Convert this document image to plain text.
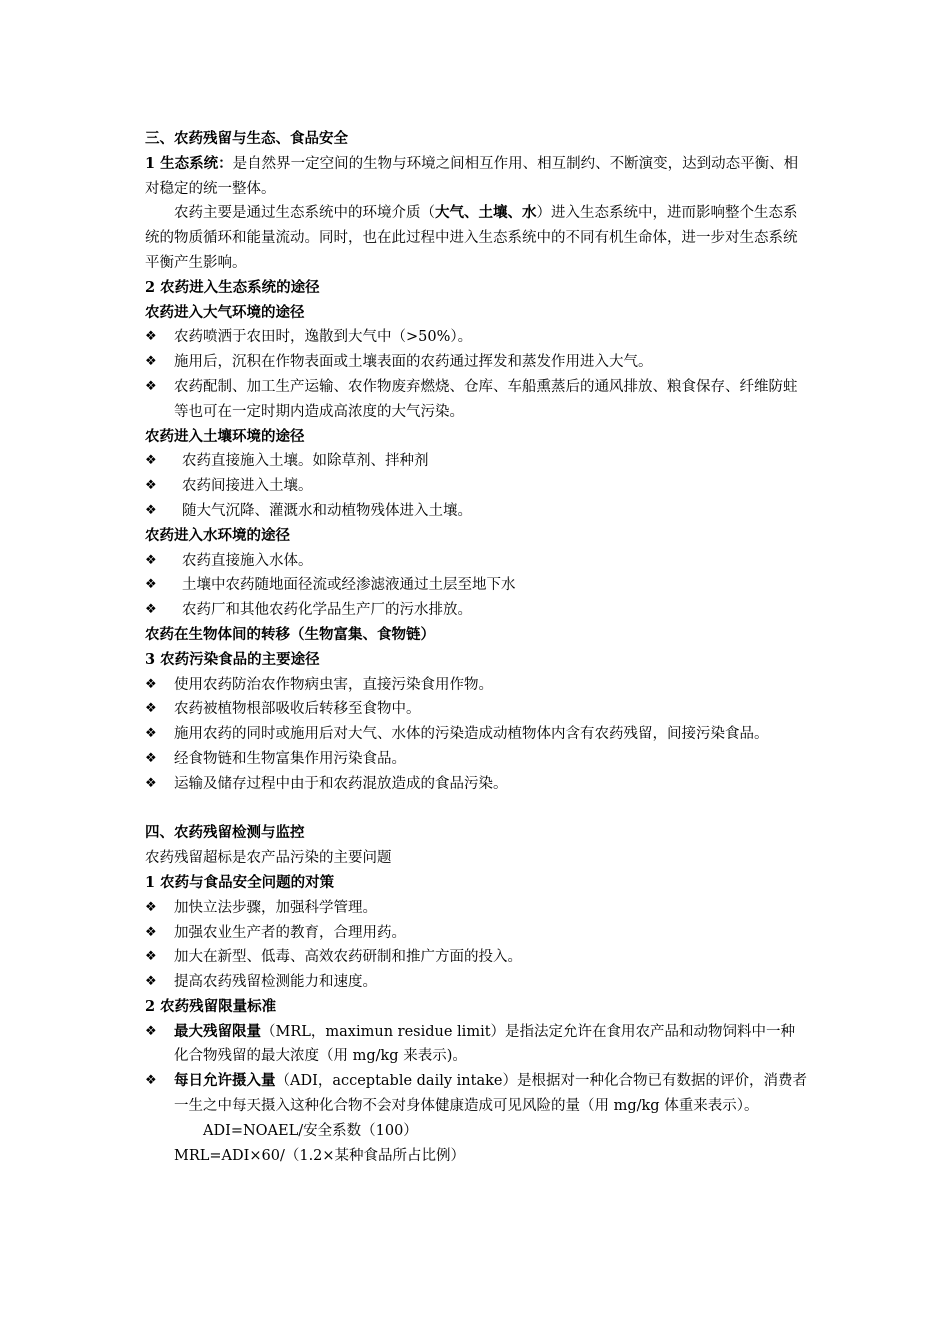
三、农药残留与生态、食品安全

1 生态系统：是自然界一定空间的生物与环境之间相互作用、相互制约、不断演变，达到动态平衡、相对稳定的统一整体。

农药主要是通过生态系统中的环境介质（大气、土壤、水）进入生态系统中，进而影响整个生态系统的物质循环和能量流动。同时，也在此过程中进入生态系统中的不同有机生命体，进一步对生态系统平衡产生影响。

2 农药进入生态系统的途径

农药进入大气环境的途径

❖	农药喷洒于农田时，逸散到大气中（>50%）。

❖	施用后，沉积在作物表面或土壤表面的农药通过挥发和蒸发作用进入大气。

❖	农药配制、加工生产运输、农作物废弃燃烧、仓库、车船熏蒸后的通风排放、粮食保存、纤维防蛀等也可在一定时期内造成高浓度的大气污染。

农药进入土壤环境的途径

❖	农药直接施入土壤。如除草剂、拌种剂

❖	农药间接进入土壤。

❖	随大气沉降、灌溉水和动植物残体进入土壤。

农药进入水环境的途径

❖	农药直接施入水体。

❖	土壤中农药随地面径流或经渗滤液通过土层至地下水

❖	农药厂和其他农药化学品生产厂的污水排放。

农药在生物体间的转移（生物富集、食物链）

3 农药污染食品的主要途径

❖	使用农药防治农作物病虫害，直接污染食用作物。

❖	农药被植物根部吸收后转移至食物中。

❖	施用农药的同时或施用后对大气、水体的污染造成动植物体内含有农药残留，间接污染食品。

❖	经食物链和生物富集作用污染食品。

❖	运输及储存过程中由于和农药混放造成的食品污染。

四、农药残留检测与监控

农药残留超标是农产品污染的主要问题

1 农药与食品安全问题的对策

❖	加快立法步骤，加强科学管理。

❖	加强农业生产者的教育，合理用药。

❖	加大在新型、低毒、高效农药研制和推广方面的投入。

❖	提高农药残留检测能力和速度。

2 农药残留限量标准

❖	最大残留限量（MRL，maximun residue limit）是指法定允许在食用农产品和动物饲料中一种化合物残留的最大浓度（用 mg/kg 来表示)。

❖	每日允许摄入量（ADI，acceptable daily intake）是根据对一种化合物已有数据的评价，消费者一生之中每天摄入这种化合物不会对身体健康造成可见风险的量（用 mg/kg 体重来表示）。

ADI=NOAEL/安全系数（100）

MRL=ADI×60/（1.2×某种食品所占比例）
